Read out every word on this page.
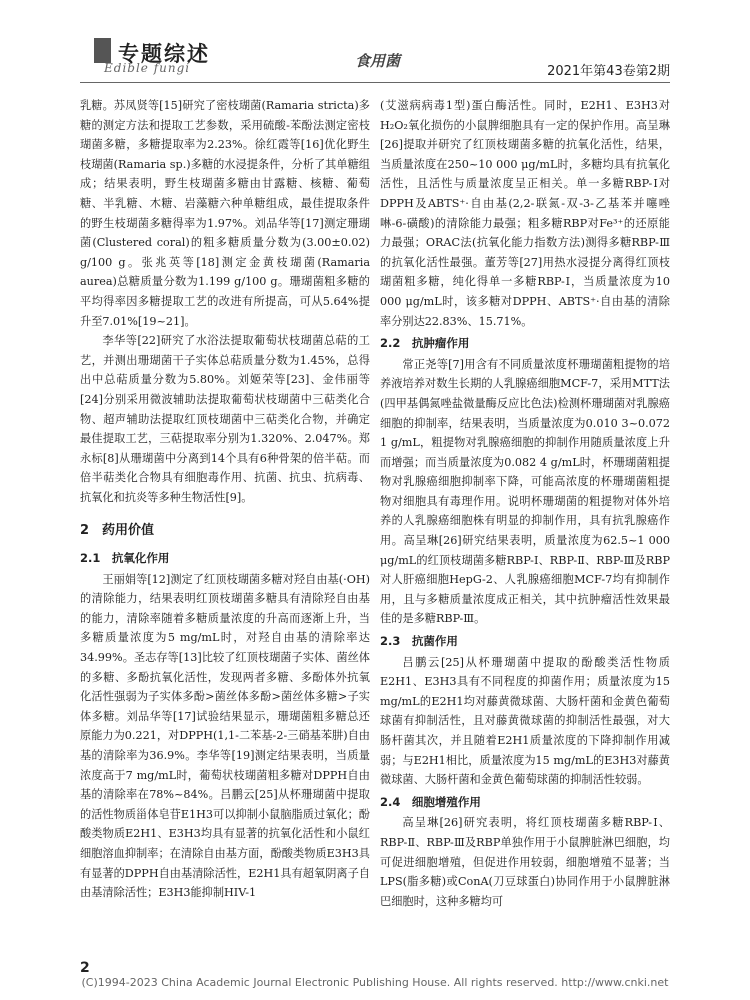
专题综述
Edible fungi	食用菌
2021年第43卷第2期

乳糖。苏凤贤等[15]研究了密枝瑚菌(Ramaria stricta)多糖的测定方法和提取工艺参数，采用硫酸-苯酚法测定密枝瑚菌多糖，多糖提取率为2.23%。徐红霞等[16]优化野生枝瑚菌(Ramaria sp.)多糖的水浸提条件，分析了其单糖组成；结果表明，野生枝瑚菌多糖由甘露糖、核糖、葡萄糖、半乳糖、木糖、岩藻糖六种单糖组成，最佳提取条件的野生枝瑚菌多糖得率为1.97%。刘品华等[17]测定珊瑚菌(Clustered coral)的粗多糖质量分数为(3.00±0.02) g/100 g。张兆英等[18]测定金黄枝瑚菌(Ramaria aurea)总糖质量分数为1.199 g/100 g。珊瑚菌粗多糖的平均得率因多糖提取工艺的改进有所提高，可从5.64%提升至7.01%[19~21]。

李华等[22]研究了水浴法提取葡萄状枝瑚菌总萜的工艺，并测出珊瑚菌干子实体总萜质量分数为1.45%，总得出中总萜质量分数为5.80%。刘姬荣等[23]、金伟丽等[24]分别采用微波辅助法提取葡萄状枝瑚菌中三萜类化合物、超声辅助法提取红顶枝瑚菌中三萜类化合物，并确定最佳提取工艺，三萜提取率分别为1.320%、2.047%。郑永标[8]从珊瑚菌中分离到14个具有6种骨架的倍半萜。而倍半萜类化合物具有细胞毒作用、抗菌、抗虫、抗病毒、抗氧化和抗炎等多种生物活性[9]。

2　药用价值
2.1　抗氧化作用

王丽娟等[12]测定了红顶枝瑚菌多糖对羟自由基(·OH)的清除能力，结果表明红顶枝瑚菌多糖具有清除羟自由基的能力，清除率随着多糖质量浓度的升高而逐渐上升，当多糖质量浓度为5 mg/mL时，对羟自由基的清除率达34.99%。圣志存等[13]比较了红顶枝瑚菌子实体、菌丝体的多糖、多酚抗氧化活性，发现两者多糖、多酚体外抗氧化活性强弱为子实体多酚>菌丝体多酚>菌丝体多糖>子实体多糖。刘品华等[17]试验结果显示，珊瑚菌粗多糖总还原能力为0.221，对DPPH(1,1-二苯基-2-三硝基苯肼)自由基的清除率为36.9%。李华等[19]测定结果表明，当质量浓度高于7 mg/mL时，葡萄状枝瑚菌粗多糖对DPPH自由基的清除率在78%~84%。吕鹏云[25]从杯珊瑚菌中提取的活性物质甾体皂苷E1H3可以抑制小鼠脑脂质过氧化；酚酸类物质E2H1、E3H3均具有显著的抗氧化活性和小鼠红细胞溶血抑制率；在清除自由基方面，酚酸类物质E3H3具有显著的DPPH自由基清除活性，E2H1具有超氧阴离子自由基清除活性；E3H3能抑制HIV-1

(艾滋病病毒1型)蛋白酶活性。同时，E2H1、E3H3对H₂O₂氧化损伤的小鼠脾细胞具有一定的保护作用。高呈琳[26]提取并研究了红顶枝瑚菌多糖的抗氧化活性，结果，当质量浓度在250~10 000 μg/mL时，多糖均具有抗氧化活性，且活性与质量浓度呈正相关。单一多糖RBP-Ⅰ对DPPH及ABTS⁺·自由基(2,2-联氮-双-3-乙基苯并噻唑啉-6-磺酸)的清除能力最强；粗多糖RBP对Fe³⁺的还原能力最强；ORAC法(抗氧化能力指数方法)测得多糖RBP-Ⅲ的抗氧化活性最强。董芳等[27]用热水浸提分离得红顶枝瑚菌粗多糖，纯化得单一多糖RBP-Ⅰ，当质量浓度为10 000 μg/mL时，该多糖对DPPH、ABTS⁺·自由基的清除率分别达22.83%、15.71%。

2.2　抗肿瘤作用

常正尧等[7]用含有不同质量浓度杯珊瑚菌粗提物的培养液培养对数生长期的人乳腺癌细胞MCF-7，采用MTT法(四甲基偶氮唑盐微量酶反应比色法)检测杯珊瑚菌对乳腺癌细胞的抑制率，结果表明，当质量浓度为0.010 3~0.072 1 g/mL，粗提物对乳腺癌细胞的抑制作用随质量浓度上升而增强；而当质量浓度为0.082 4 g/mL时，杯珊瑚菌粗提物对乳腺癌细胞抑制率下降，可能高浓度的杯珊瑚菌粗提物对细胞具有毒理作用。说明杯珊瑚菌的粗提物对体外培养的人乳腺癌细胞株有明显的抑制作用，具有抗乳腺癌作用。高呈琳[26]研究结果表明，质量浓度为62.5~1 000 μg/mL的红顶枝瑚菌多糖RBP-Ⅰ、RBP-Ⅱ、RBP-Ⅲ及RBP对人肝癌细胞HepG-2、人乳腺癌细胞MCF-7均有抑制作用，且与多糖质量浓度成正相关，其中抗肿瘤活性效果最佳的是多糖RBP-Ⅲ。

2.3　抗菌作用

吕鹏云[25]从杯珊瑚菌中提取的酚酸类活性物质E2H1、E3H3具有不同程度的抑菌作用；质量浓度为15 mg/mL的E2H1均对藤黄微球菌、大肠杆菌和金黄色葡萄球菌有抑制活性，且对藤黄微球菌的抑制活性最强，对大肠杆菌其次，并且随着E2H1质量浓度的下降抑制作用减弱；与E2H1相比，质量浓度为15 mg/mL的E3H3对藤黄微球菌、大肠杆菌和金黄色葡萄球菌的抑制活性较弱。

2.4　细胞增殖作用

高呈琳[26]研究表明，将红顶枝瑚菌多糖RBP-Ⅰ、RBP-Ⅱ、RBP-Ⅲ及RBP单独作用于小鼠脾脏淋巴细胞，均可促进细胞增殖，但促进作用较弱，细胞增殖不显著；当LPS(脂多糖)或ConA(刀豆球蛋白)协同作用于小鼠脾脏淋巴细胞时，这种多糖均可

2
(C)1994-2023 China Academic Journal Electronic Publishing House. All rights reserved. http://www.cnki.net
